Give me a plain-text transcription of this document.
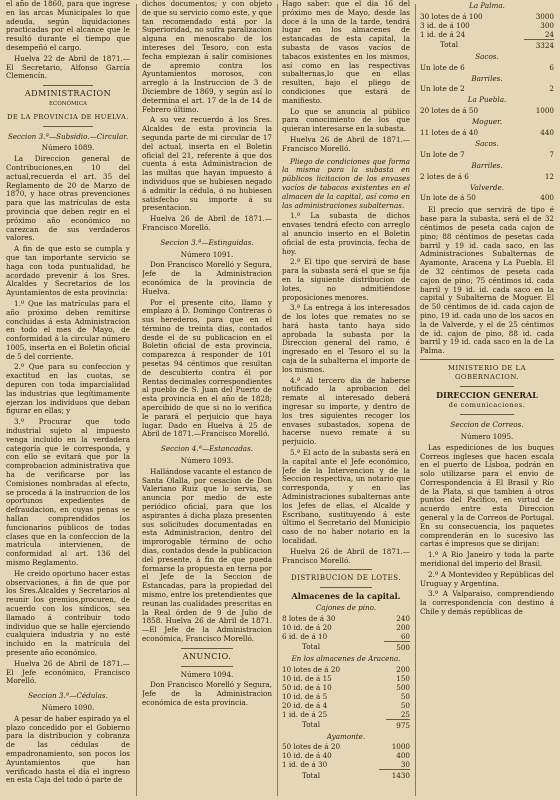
el año de 1860, para que ingrese en las arcas Municipales lo que adeuda, según liquidaciones practicadas por el alcance que le resultó durante el tiempo que desempeñó el cargo.

Huelva 22 de Abril de 1871.—El Secretario, Alfonso García Clemencín.

ADMINISTRACION
ECONÓMICA
DE LA PROVINCIA DE HUELVA.

Seccion 3.ª—Subsidio.—Circular.

Número 1089.

La Direccion general de Contribuciones,en 10 del actual,recuerda el art. 35 del Reglamento de 20 de Marzo de 1870, y hace otras prevenciones para que las matrículas de esta provincia que deben regir en el próximo año económico no carezcan de sus verdaderos valores.

A fin de que esto se cumpla y que tan importante servicio se haga con toda puntualidad, he acordado prevenir á los Sres. Alcaldes y Secretarios de los Ayuntamientos de esta provincia:

1.º Que las matrículas para el año próximo deben remitirse concluidas á esta Administracion en todo el mes de Mayo, de conformidad á la circular número 1005, inserta en el Boletin oficial de 5 del corriente.

2.º Que para su confeccion y exactitud en las cuotas, se depuren con toda imparcialidad las industrias que legítimamente ejerzan los individuos que deban figurar en ellas; y

3.º Procurar que todo industrial sujeto al impuesto venga incluido en la verdadera categoría que le corresponda, y con ello se evitará que por la comprobacion administrativa que ha de verificarse por las Comisiones nombradas al efecto, se proceda á la instruccion de los oportunos expedientes de defraudacion, en cuyas penas se hallan comprendidos los funcionarios públicos de todas clases que en la confeccion de la matrícula intervienen, de conformidad al art. 136 del mismo Reglamento.

He creido oportuno hacer estas observaciones, á fin de que por los Sres.Alcaldes y Secretarios al reunir los gremios,procuren, de acuerdo con los síndicos, sea llamado á contribuir todo individuo que se halle ejerciendo cualquiera industria y no esté incluido en la matrícula del presente año económico.

Huelva 26 de Abril de 1871.—El Jefe económico, Francisco Morelló.

Seccion 3.ª—Cédulas.

Número 1090.

A pesar de haber espirado ya el plazo concedido por el Gobierno para la distribucion y cobranza de las cédulas de empadronamiento, son pocos los Ayuntamientos que han verificado hasta el día el ingreso en esta Caja del todo ó parte de

dichos documentos; y con objeto de que su servicio como este, y que tan recomendado está por la Superioridad, no sufra paralizacion alguna en menoscabo de los intereses del Tesoro, con esta fecha empiezan á salir comisiones de apremio contra los Ayuntamientos morosos, con arreglo á la Instruccion de 3 de Diciembre de 1869, y según así lo determina el art. 17 de la de 14 de Febrero último.

A su vez recuerdo á los Sres. Alcaldes de esta provincia la segunda parte de mi circular de 17 del actual, inserta en el Boletin oficial del 21, referente á que dos cuenta á esta Administracion de las multas que hayan impuesto á individuos que se hubiesen negado á admitir la cédula, ó no hubiesen satisfecho su importe á su presentacion.

Huelva 26 de Abril de 1871.—Francisco Morelló.

Seccion 3.ª—Estinguidas.

Número 1091.

Don Francisco Morelló y Segura, Jefe de la Administracion económica de la provincia de Huelva.

Por el presente cito, llamo y emplazo á D. Domingo Contreras ó sus herederos, para que en el término de treinta dias, contados desde el de su publicacion en el Boletin oficial de esta provincia, comparezca á responder de 101 pesetas 94 céntimos que resultan de descubierto contra él por Rentas decimales correspondientes al pueblo de S. Juan del Puerto de esta provincia en el año de 1828; apercibido de que si no lo verifica le parará el perjuicio que haya lugar. Dado en Huelva á 25 de Abril de 1871.—Francisco Morelló.

Seccion 4.ª—Estancadas.

Número 1093.

Hallándose vacante el estanco de Santa Olalla, por cesacion de Don Valeriano Ruiz que lo servia, se anuncia por medio de este periódico oficial, para que los aspirantes á dicha plaza presenten sus solicitudes documentadas en esta Administracion, dentro del improrogable término de ocho dias, contados desde la publicacion del presente, á fin de que pueda formarse la propuesta en terna por el Jefe de la Seccion de Estancadas, para la propiedad del mismo, entre los pretendientes que reunan las cualidades prescritas en la Real órden de 9 de Julio de 1858. Huelva 26 de Abril de 1871.—El Jefe de la Administracion económica, Francisco Morelló.

ANUNCIO.

Número 1094.

Don Francisco Morelló y Segura, Jefe de la Administracion económica de esta provincia.

Hago saber: que el dia 16 del próximo mes de Mayo, desde las doce á la una de la tarde, tendrá lugar en los almacenes de estancadas de esta capital, la subasta de vasos vacíos de tabacos existentes en los mismos, así como en las respectivas subalternas,lo que en ellas resulten, bajo el pliego de condiciones que estará de manifiesto.

Lo que se anuncia al público para conocimiento de los que quieran interesarse en la subasta.

Huelva 26 de Abril de 1871.—Francisco Morelló.

Pliego de condiciones que forma la misma para la subasta en públicos licitacion de los envases vacíos de tabacos existentes en el almacen de la capital, así como en las administraciones subalternas.

1.ª La subasta de dichos envases tendrá efecto con arreglo al anuncio inserto en el Boletin oficial de esta provincia, fecha de hoy.

2.ª El tipo que servirá de base para la subasta será el que se fija en la siguiente distribucion de lotes, no admitiéndose proposiciones menores.

3.ª La entrega á los interesados de los lotes que remates no se hará hasta tanto haya sido aprobada la subasta por la Direccion general del ramo, é ingresado en el Tesoro el su la caja de la subalterna el importe de los mismos.

4.ª Al tercero dia de haberse notificado la aprobacion del remate al interesado deberá ingresar su importe, y dentro de los tres siguientes recoger los envases subastados, sopena de hacerse nuevo remate á su perjuicio.

5.ª El acto de la subasta será en la capital ante el Jefe económico, Jefe de la Intervencion y de la Seccion respectiva, un notario que corresponda, y en las Administraciones subalternas ante los Jefes de ellas, el Alcalde y Escribano, sustituyendo á este último el Secretario del Municipio caso de no haber notario en la localidad.

Huelva 26 de Abril de 1871.—Francisco Morelló.

DISTRIBUCION DE LOTES.
Almacenes de la capital.

Cajones de pino.

8 lotes de á 30	240
10 id. de á 20	200
6 id. de á 10	60
Total	500

En los almacenes de Aracena.

10 lotes de á 20	200
10 id. de á 15	150
50 id. de á 10	500
10 id. de á 5	50
20 id. de á 4	50
1 id. de á 25	25
Total	975

Ayamonte.

50 lotes de á 20	1000
10 id. de á 40	400
1 id. de á 30	30
Total	1430

La Palma.

30 lotes de á 100	3000
3 id. de á 100	300
1 id. de á 24	24
Total	3324

Sacos.

Un lote de 6	6

Barriles.

Un lote de 2	2

La Puebla.

20 lotes de á 50	1000

Moguer.

11 lotes de á 40	440

Sacos.

Un lote de 7	7

Barriles.

2 lotes de á 6	12

Valverde.

Un lote de á 50	400

El precio que servirá de tipo é base para la subasta, será el de 32 céntimos de peseta cada cajon de pino; 88 céntimos de pesetas cada barril y 19 id. cada saco, en las Administraciones Subalternas de Ayamonte, Aracena y La Puebla. El de 32 céntimos de peseta cada cajon de pino; 75 céntimos id. cada barril y 19 id. id. cada saco en la capital y Subalterna de Moguer. El de 50 céntimos de id. cada cajon de pino, 19 id. cada uno de los sacos en la de Valverde, y el de 25 céntimos de id. cajon de pino, 88 id. cada barril y 19 id. cada saco en la de La Palma.

MINISTERIO DE LA GOBERNACION.
DIRECCION GENERAL
de comunicaciones.

Seccion de Correos.

Número 1095.

Las espediciones de los buques Correos ingleses que hacen escala en el puerto de Lisboa, podrán en solo utilizarse para el envio de Correspondencia á El Brasil y Río de la Plata, si que tambien á otros puntos del Pacífico, en virtud de acuerdo entre esta Direccion general y la de Correos de Portugal. En su consecuencia, los paquetes comprenderán en lo sucesivo las cartas é impresos que se dirijan:

1.º A Rio Janeiro y toda la parte meridional del imperio del Brasil.

2.º A Montevideo y Repúblicas del Uruguay y Argentina.

3.º A Valparaiso, comprendiendo la correspondencia con destino á Chile y demás repúblicas de
